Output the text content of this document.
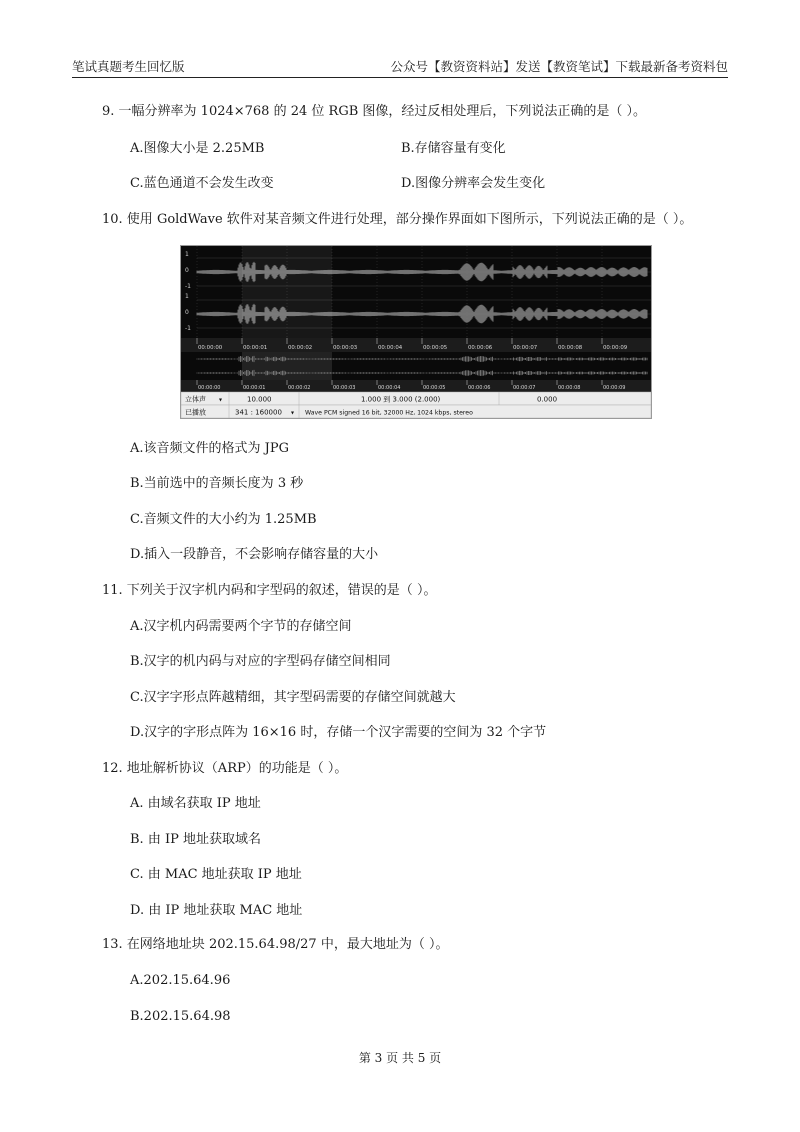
笔试真题考生回忆版	公众号【教资资料站】发送【教资笔试】下载最新备考资料包
9. 一幅分辨率为 1024×768 的 24 位 RGB 图像，经过反相处理后，下列说法正确的是（ ）。
A.图像大小是 2.25MB	B.存储容量有变化
C.蓝色通道不会发生改变	D.图像分辨率会发生变化
10. 使用 GoldWave 软件对某音频文件进行处理，部分操作界面如下图所示，下列说法正确的是（ ）。
1
0
-1
1
0
-1
00:00:00	00:00:01	00:00:02	00:00:03	00:00:04	00:00:05	00:00:06	00:00:07	00:00:08	00:00:09
00:00:00	00:00:01	00:00:02	00:00:03	00:00:04	00:00:05	00:00:06	00:00:07	00:00:08	00:00:09
立体声 ▾	10.000	1.000 到 3.000 (2.000)	0.000
已播放	341 : 160000 ▾ Wave PCM signed 16 bit, 32000 Hz, 1024 kbps, stereo
A.该音频文件的格式为 JPG
B.当前选中的音频长度为 3 秒
C.音频文件的大小约为 1.25MB
D.插入一段静音，不会影响存储容量的大小
11. 下列关于汉字机内码和字型码的叙述，错误的是（ ）。
A.汉字机内码需要两个字节的存储空间
B.汉字的机内码与对应的字型码存储空间相同
C.汉字字形点阵越精细，其字型码需要的存储空间就越大
D.汉字的字形点阵为 16×16 时，存储一个汉字需要的空间为 32 个字节
12. 地址解析协议（ARP）的功能是（ ）。
A. 由域名获取 IP 地址
B. 由 IP 地址获取域名
C. 由 MAC 地址获取 IP 地址
D. 由 IP 地址获取 MAC 地址
13. 在网络地址块 202.15.64.98/27 中，最大地址为（ ）。
A.202.15.64.96
B.202.15.64.98
第 3 页 共 5 页
